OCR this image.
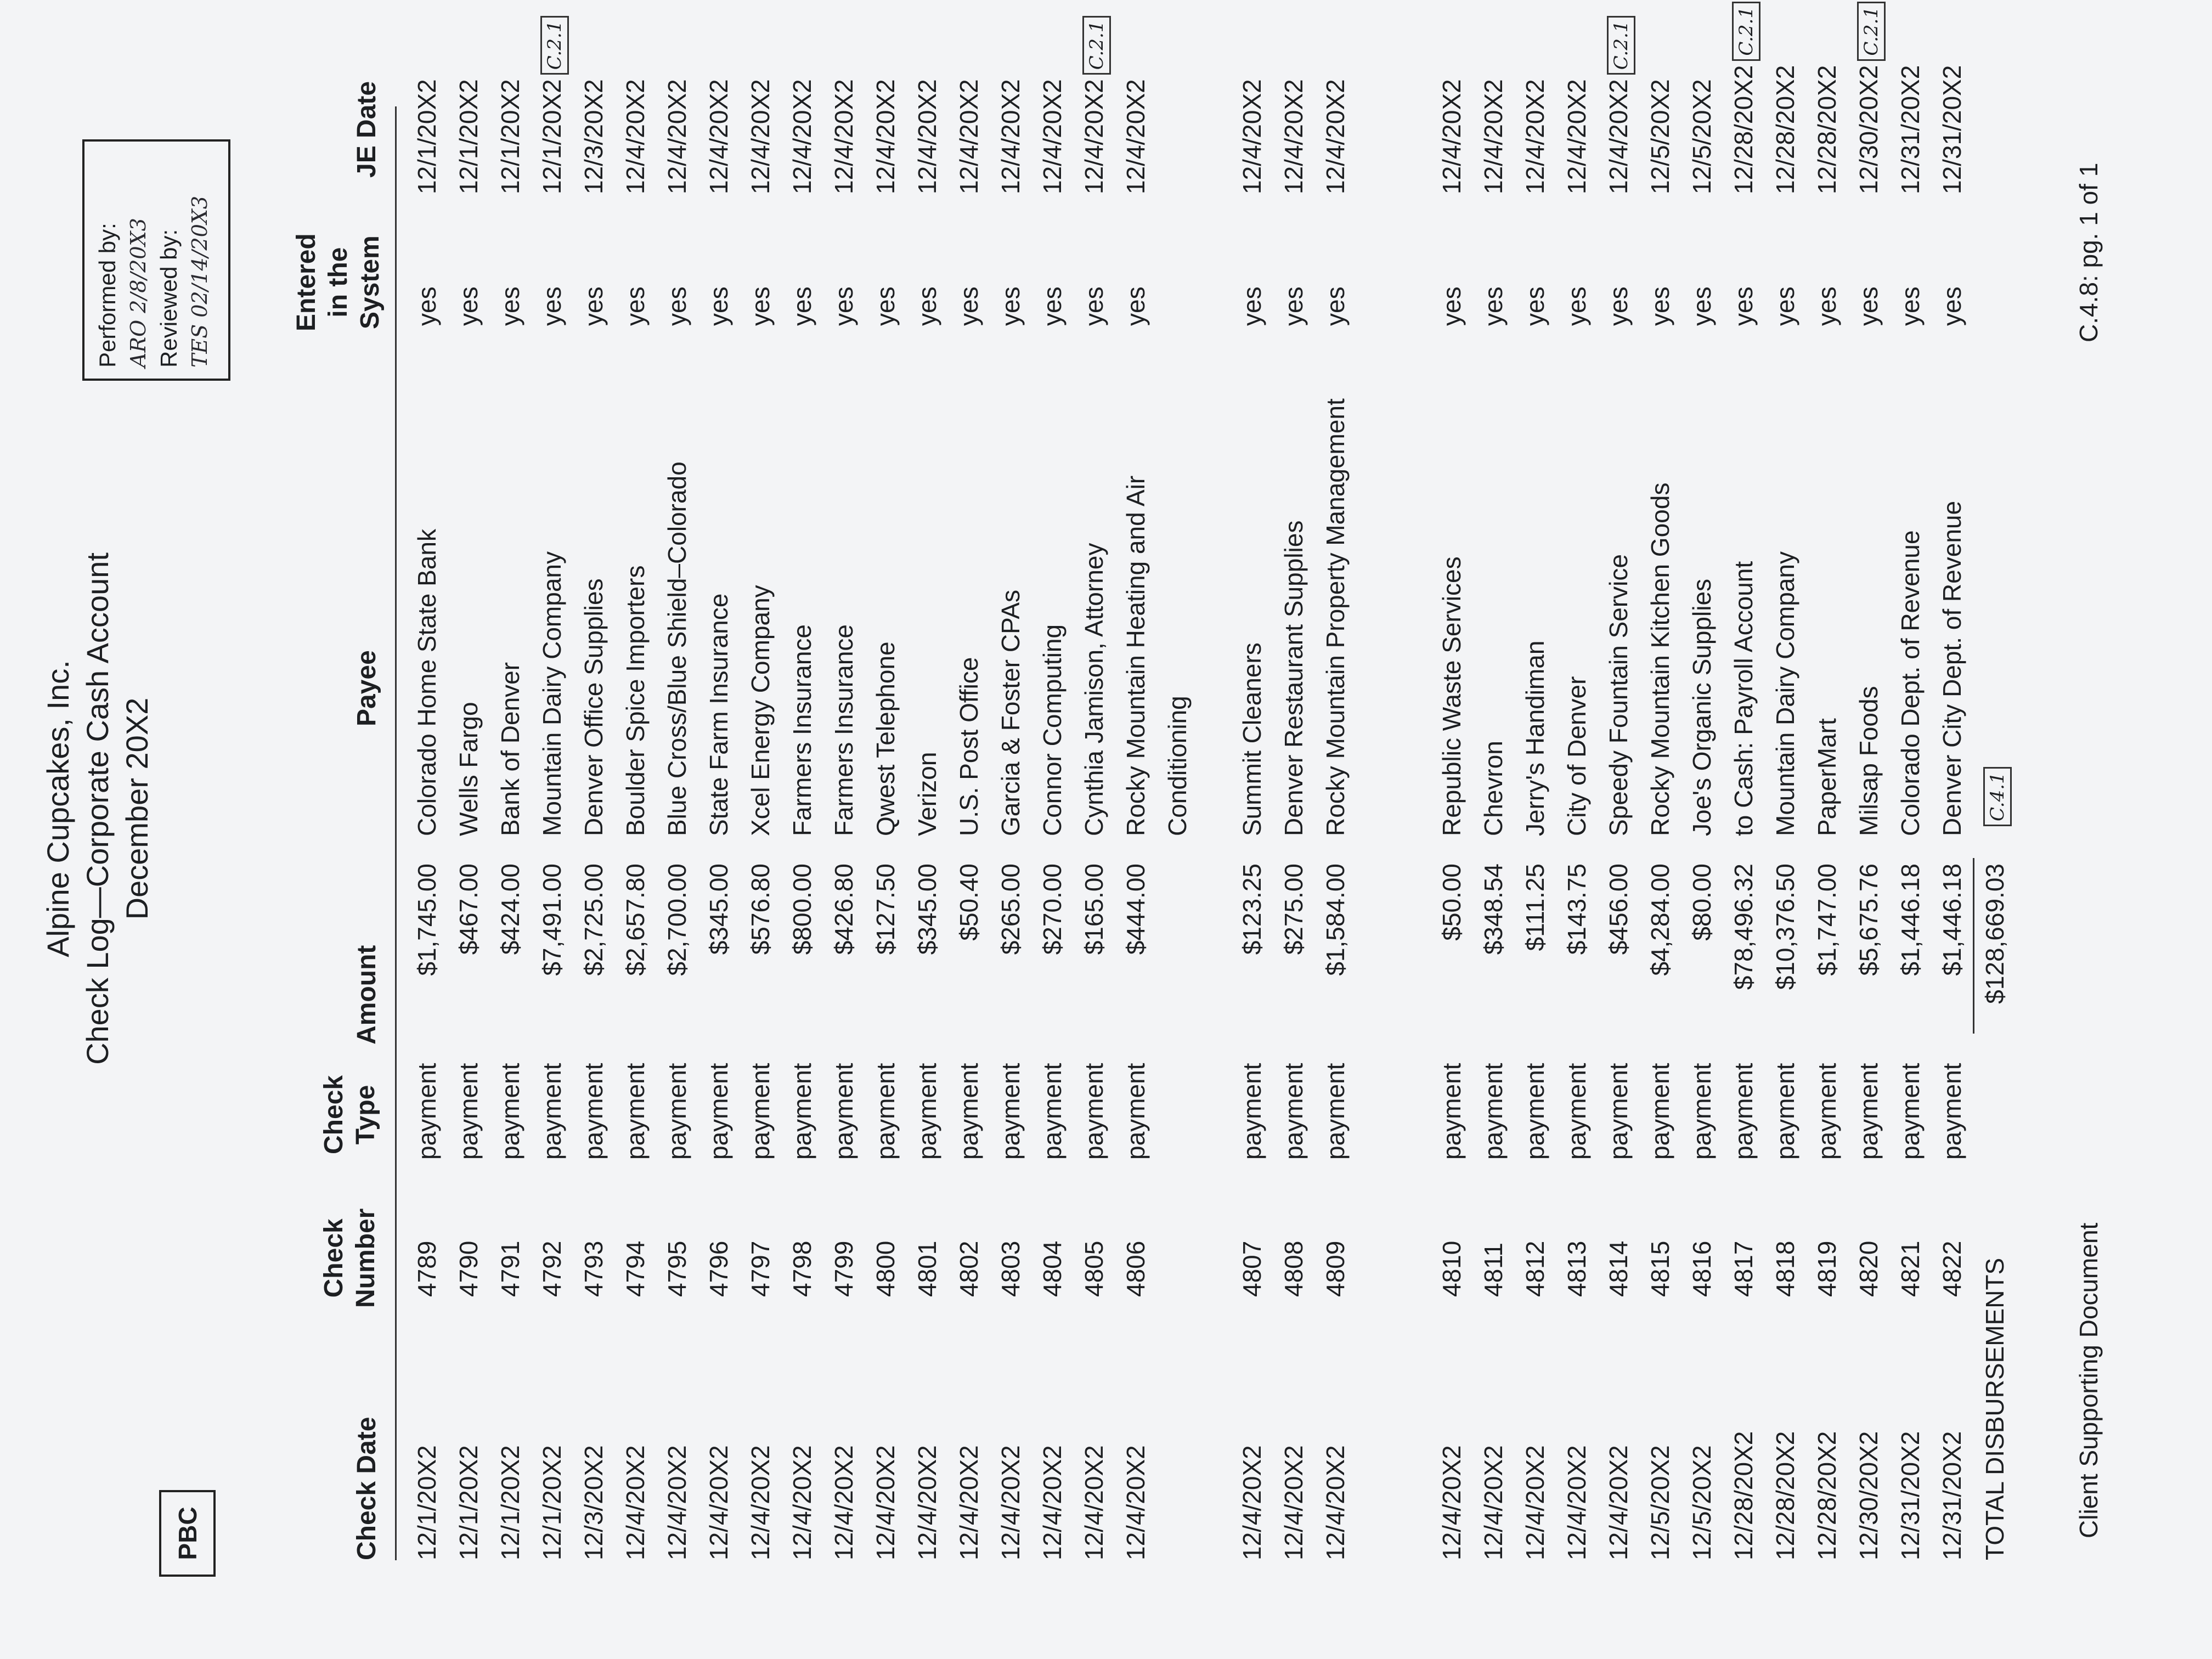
PBC
Alpine Cupcakes, Inc. Check Log—Corporate Cash Account December 20X2
Performed by: ARO 2/8/20X3 Reviewed by: TES 02/14/20X3
Check Date
Check Number
Check Type
Amount
Payee
Entered in the System
JE Date
12/1/20X2
4789
payment
$1,745.00
Colorado Home State Bank
yes
12/1/20X2
12/1/20X2
4790
payment
$467.00
Wells Fargo
yes
12/1/20X2
12/1/20X2
4791
payment
$424.00
Bank of Denver
yes
12/1/20X2
12/1/20X2
4792
payment
$7,491.00
Mountain Dairy Company
yes
12/1/20X2C.2.1
12/3/20X2
4793
payment
$2,725.00
Denver Office Supplies
yes
12/3/20X2
12/4/20X2
4794
payment
$2,657.80
Boulder Spice Importers
yes
12/4/20X2
12/4/20X2
4795
payment
$2,700.00
Blue Cross/Blue Shield–Colorado
yes
12/4/20X2
12/4/20X2
4796
payment
$345.00
State Farm Insurance
yes
12/4/20X2
12/4/20X2
4797
payment
$576.80
Xcel Energy Company
yes
12/4/20X2
12/4/20X2
4798
payment
$800.00
Farmers Insurance
yes
12/4/20X2
12/4/20X2
4799
payment
$426.80
Farmers Insurance
yes
12/4/20X2
12/4/20X2
4800
payment
$127.50
Qwest Telephone
yes
12/4/20X2
12/4/20X2
4801
payment
$345.00
Verizon
yes
12/4/20X2
12/4/20X2
4802
payment
$50.40
U.S. Post Office
yes
12/4/20X2
12/4/20X2
4803
payment
$265.00
Garcia & Foster CPAs
yes
12/4/20X2
12/4/20X2
4804
payment
$270.00
Connor Computing
yes
12/4/20X2
12/4/20X2
4805
payment
$165.00
Cynthia Jamison, Attorney
yes
12/4/20X2C.2.1
12/4/20X2
4806
payment
$444.00
Rocky Mountain Heating and Air Conditioning
yes
12/4/20X2
12/4/20X2
4807
payment
$123.25
Summit Cleaners
yes
12/4/20X2
12/4/20X2
4808
payment
$275.00
Denver Restaurant Supplies
yes
12/4/20X2
12/4/20X2
4809
payment
$1,584.00
Rocky Mountain Property Management
yes
12/4/20X2
12/4/20X2
4810
payment
$50.00
Republic Waste Services
yes
12/4/20X2
12/4/20X2
4811
payment
$348.54
Chevron
yes
12/4/20X2
12/4/20X2
4812
payment
$111.25
Jerry's Handiman
yes
12/4/20X2
12/4/20X2
4813
payment
$143.75
City of Denver
yes
12/4/20X2
12/4/20X2
4814
payment
$456.00
Speedy Fountain Service
yes
12/4/20X2C.2.1
12/5/20X2
4815
payment
$4,284.00
Rocky Mountain Kitchen Goods
yes
12/5/20X2
12/5/20X2
4816
payment
$80.00
Joe's Organic Supplies
yes
12/5/20X2
12/28/20X2
4817
payment
$78,496.32
to Cash: Payroll Account
yes
12/28/20X2C.2.1
12/28/20X2
4818
payment
$10,376.50
Mountain Dairy Company
yes
12/28/20X2
12/28/20X2
4819
payment
$1,747.00
PaperMart
yes
12/28/20X2
12/30/20X2
4820
payment
$5,675.76
Milsap Foods
yes
12/30/20X2C.2.1
12/31/20X2
4821
payment
$1,446.18
Colorado Dept. of Revenue
yes
12/31/20X2
12/31/20X2
4822
payment
$1,446.18
Denver City Dept. of Revenue
yes
12/31/20X2
TOTAL DISBURSEMENTS
$128,669.03
C.4.1
Client Supporting Document
C.4.8: pg. 1 of 1
